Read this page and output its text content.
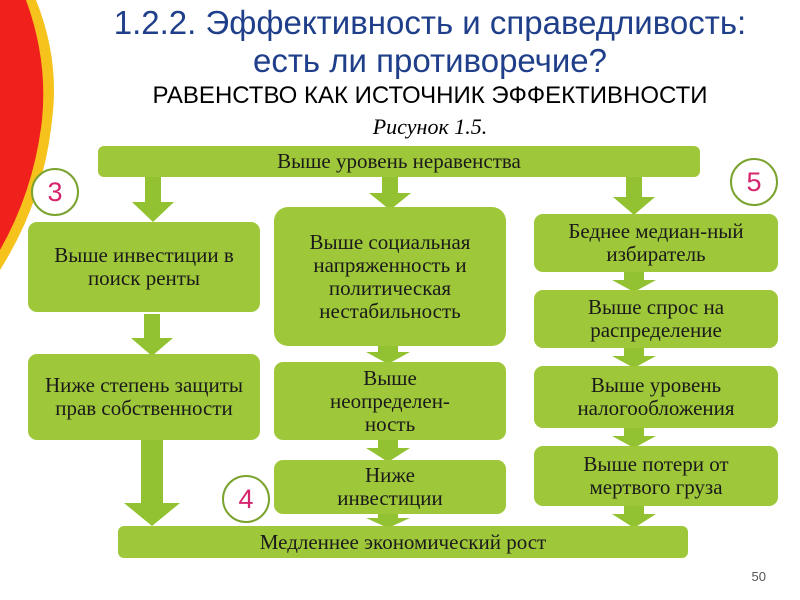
1.2.2. Эффективность и справедливость:
есть ли противоречие?
РАВЕНСТВО КАК ИСТОЧНИК ЭФФЕКТИВНОСТИ
Рисунок 1.5.
Выше уровень неравенства
Выше инвестиции в поиск ренты
Ниже степень защиты прав собственности
Выше социальная напряженность и политическая нестабильность
Выше неопределен-ность
Ниже инвестиции
Беднее медиан-ный избиратель
Выше спрос на распределение
Выше уровень налогообложения
Выше потери от мертвого груза
Медленнее экономический рост
3
4
5
50
